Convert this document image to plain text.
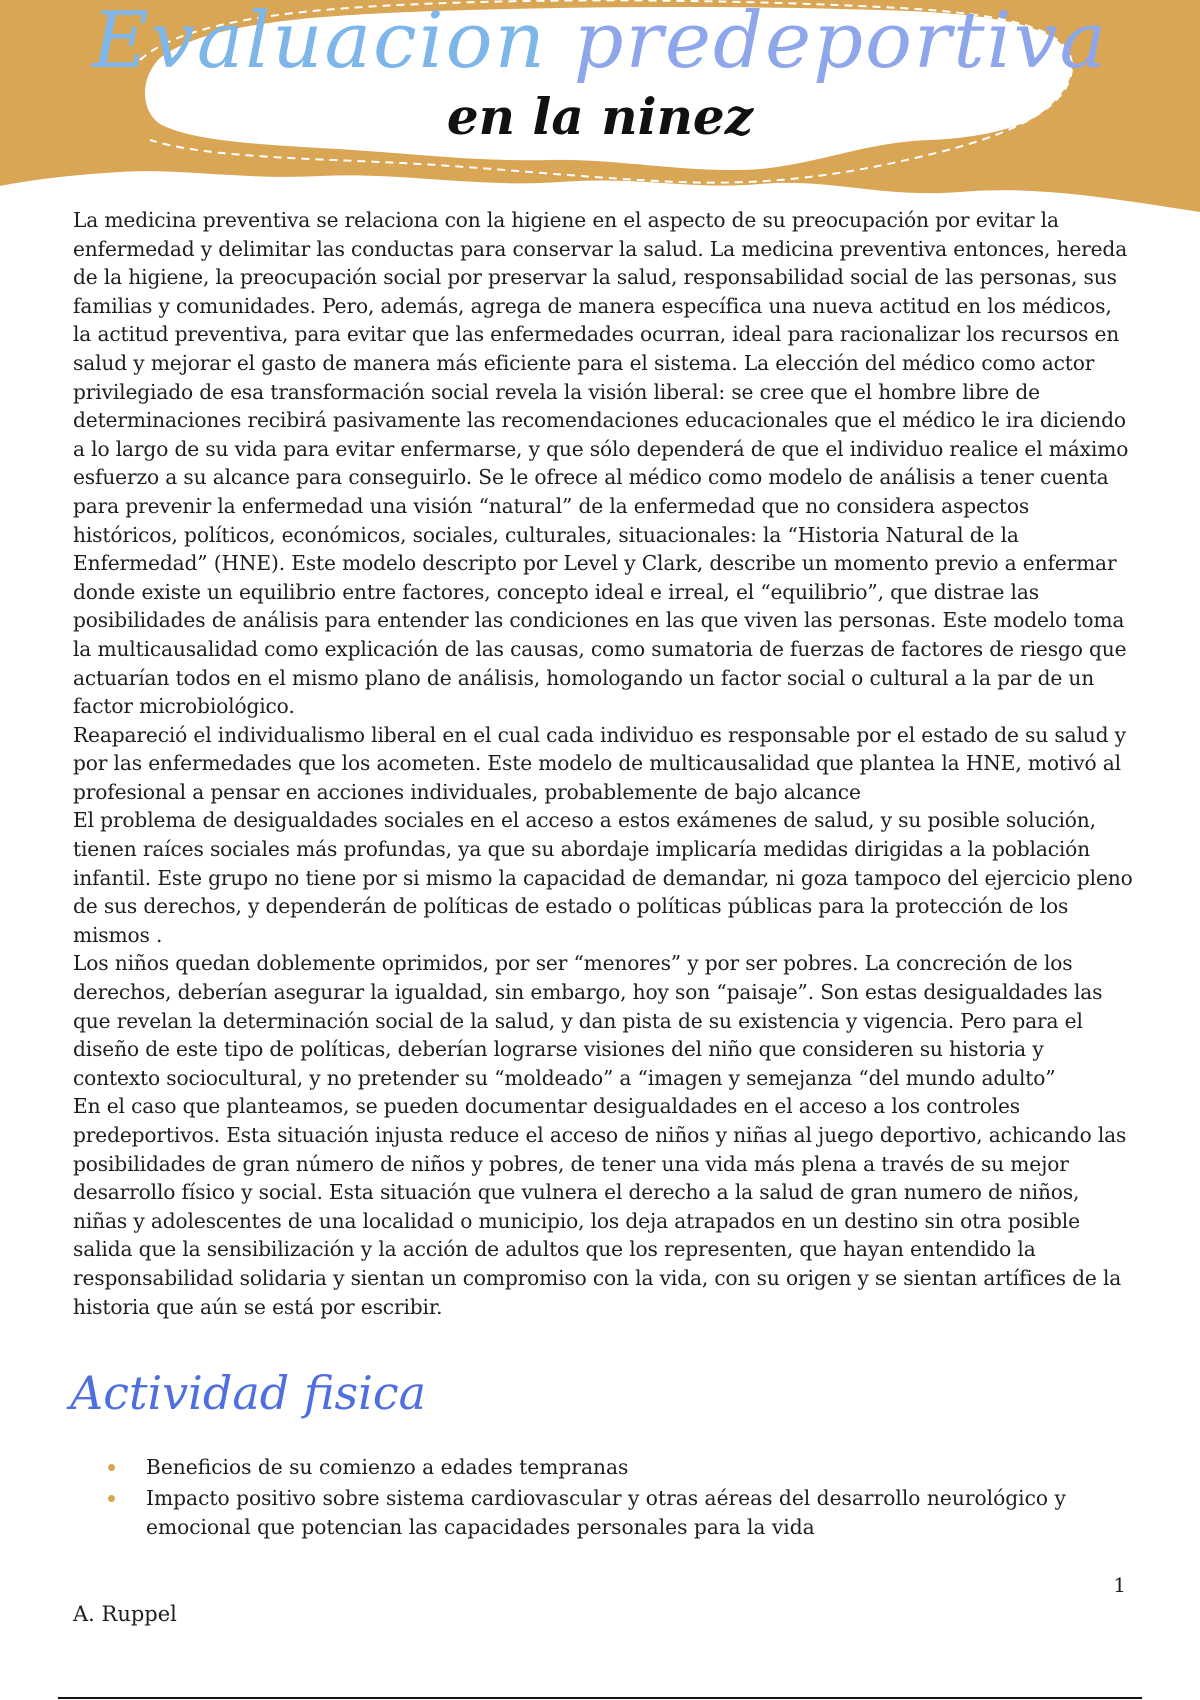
Evaluacion predeportiva
en la ninez

La medicina preventiva se relaciona con la higiene en el aspecto de su preocupación por evitar la enfermedad y delimitar las conductas para conservar la salud. La medicina preventiva entonces, hereda de la higiene, la preocupación social por preservar la salud, responsabilidad social de las personas, sus familias y comunidades. Pero, además, agrega de manera específica una nueva actitud en los médicos, la actitud preventiva, para evitar que las enfermedades ocurran, ideal para racionalizar los recursos en salud y mejorar el gasto de manera más eficiente para el sistema. La elección del médico como actor privilegiado de esa transformación social revela la visión liberal: se cree que el hombre libre de determinaciones recibirá pasivamente las recomendaciones educacionales que el médico le ira diciendo a lo largo de su vida para evitar enfermarse, y que sólo dependerá de que el individuo realice el máximo esfuerzo a su alcance para conseguirlo. Se le ofrece al médico como modelo de análisis a tener cuenta para prevenir la enfermedad una visión “natural” de la enfermedad que no considera aspectos históricos, políticos, económicos, sociales, culturales, situacionales: la “Historia Natural de la Enfermedad” (HNE). Este modelo descripto por Level y Clark, describe un momento previo a enfermar donde existe un equilibrio entre factores, concepto ideal e irreal, el “equilibrio”, que distrae las posibilidades de análisis para entender las condiciones en las que viven las personas. Este modelo toma la multicausalidad como explicación de las causas, como sumatoria de fuerzas de factores de riesgo que actuarían todos en el mismo plano de análisis, homologando un factor social o cultural a la par de un factor microbiológico.

Reapareció el individualismo liberal en el cual cada individuo es responsable por el estado de su salud y por las enfermedades que los acometen. Este modelo de multicausalidad que plantea la HNE, motivó al profesional a pensar en acciones individuales, probablemente de bajo alcance

El problema de desigualdades sociales en el acceso a estos exámenes de salud, y su posible solución, tienen raíces sociales más profundas, ya que su abordaje implicaría medidas dirigidas a la población infantil. Este grupo no tiene por si mismo la capacidad de demandar, ni goza tampoco del ejercicio pleno de sus derechos, y dependerán de políticas de estado o políticas públicas para la protección de los mismos .

Los niños quedan doblemente oprimidos, por ser “menores” y por ser pobres. La concreción de los derechos, deberían asegurar la igualdad, sin embargo, hoy son “paisaje”. Son estas desigualdades las que revelan la determinación social de la salud, y dan pista de su existencia y vigencia. Pero para el diseño de este tipo de políticas, deberían lograrse visiones del niño que consideren su historia y contexto sociocultural, y no pretender su “moldeado” a “imagen y semejanza “del mundo adulto”

En el caso que planteamos, se pueden documentar desigualdades en el acceso a los controles predeportivos. Esta situación injusta reduce el acceso de niños y niñas al juego deportivo, achicando las posibilidades de gran número de niños y pobres, de tener una vida más plena a través de su mejor desarrollo físico y social. Esta situación que vulnera el derecho a la salud de gran numero de niños, niñas y adolescentes de una localidad o municipio, los deja atrapados en un destino sin otra posible salida que la sensibilización y la acción de adultos que los representen, que hayan entendido la responsabilidad solidaria y sientan un compromiso con la vida, con su origen y se sientan artífices de la historia que aún se está por escribir.

Actividad fisica
Beneficios de su comienzo a edades tempranas
Impacto positivo sobre sistema cardiovascular y otras aéreas del desarrollo neurológico y emocional que potencian las capacidades personales para la vida
1
A. Ruppel
